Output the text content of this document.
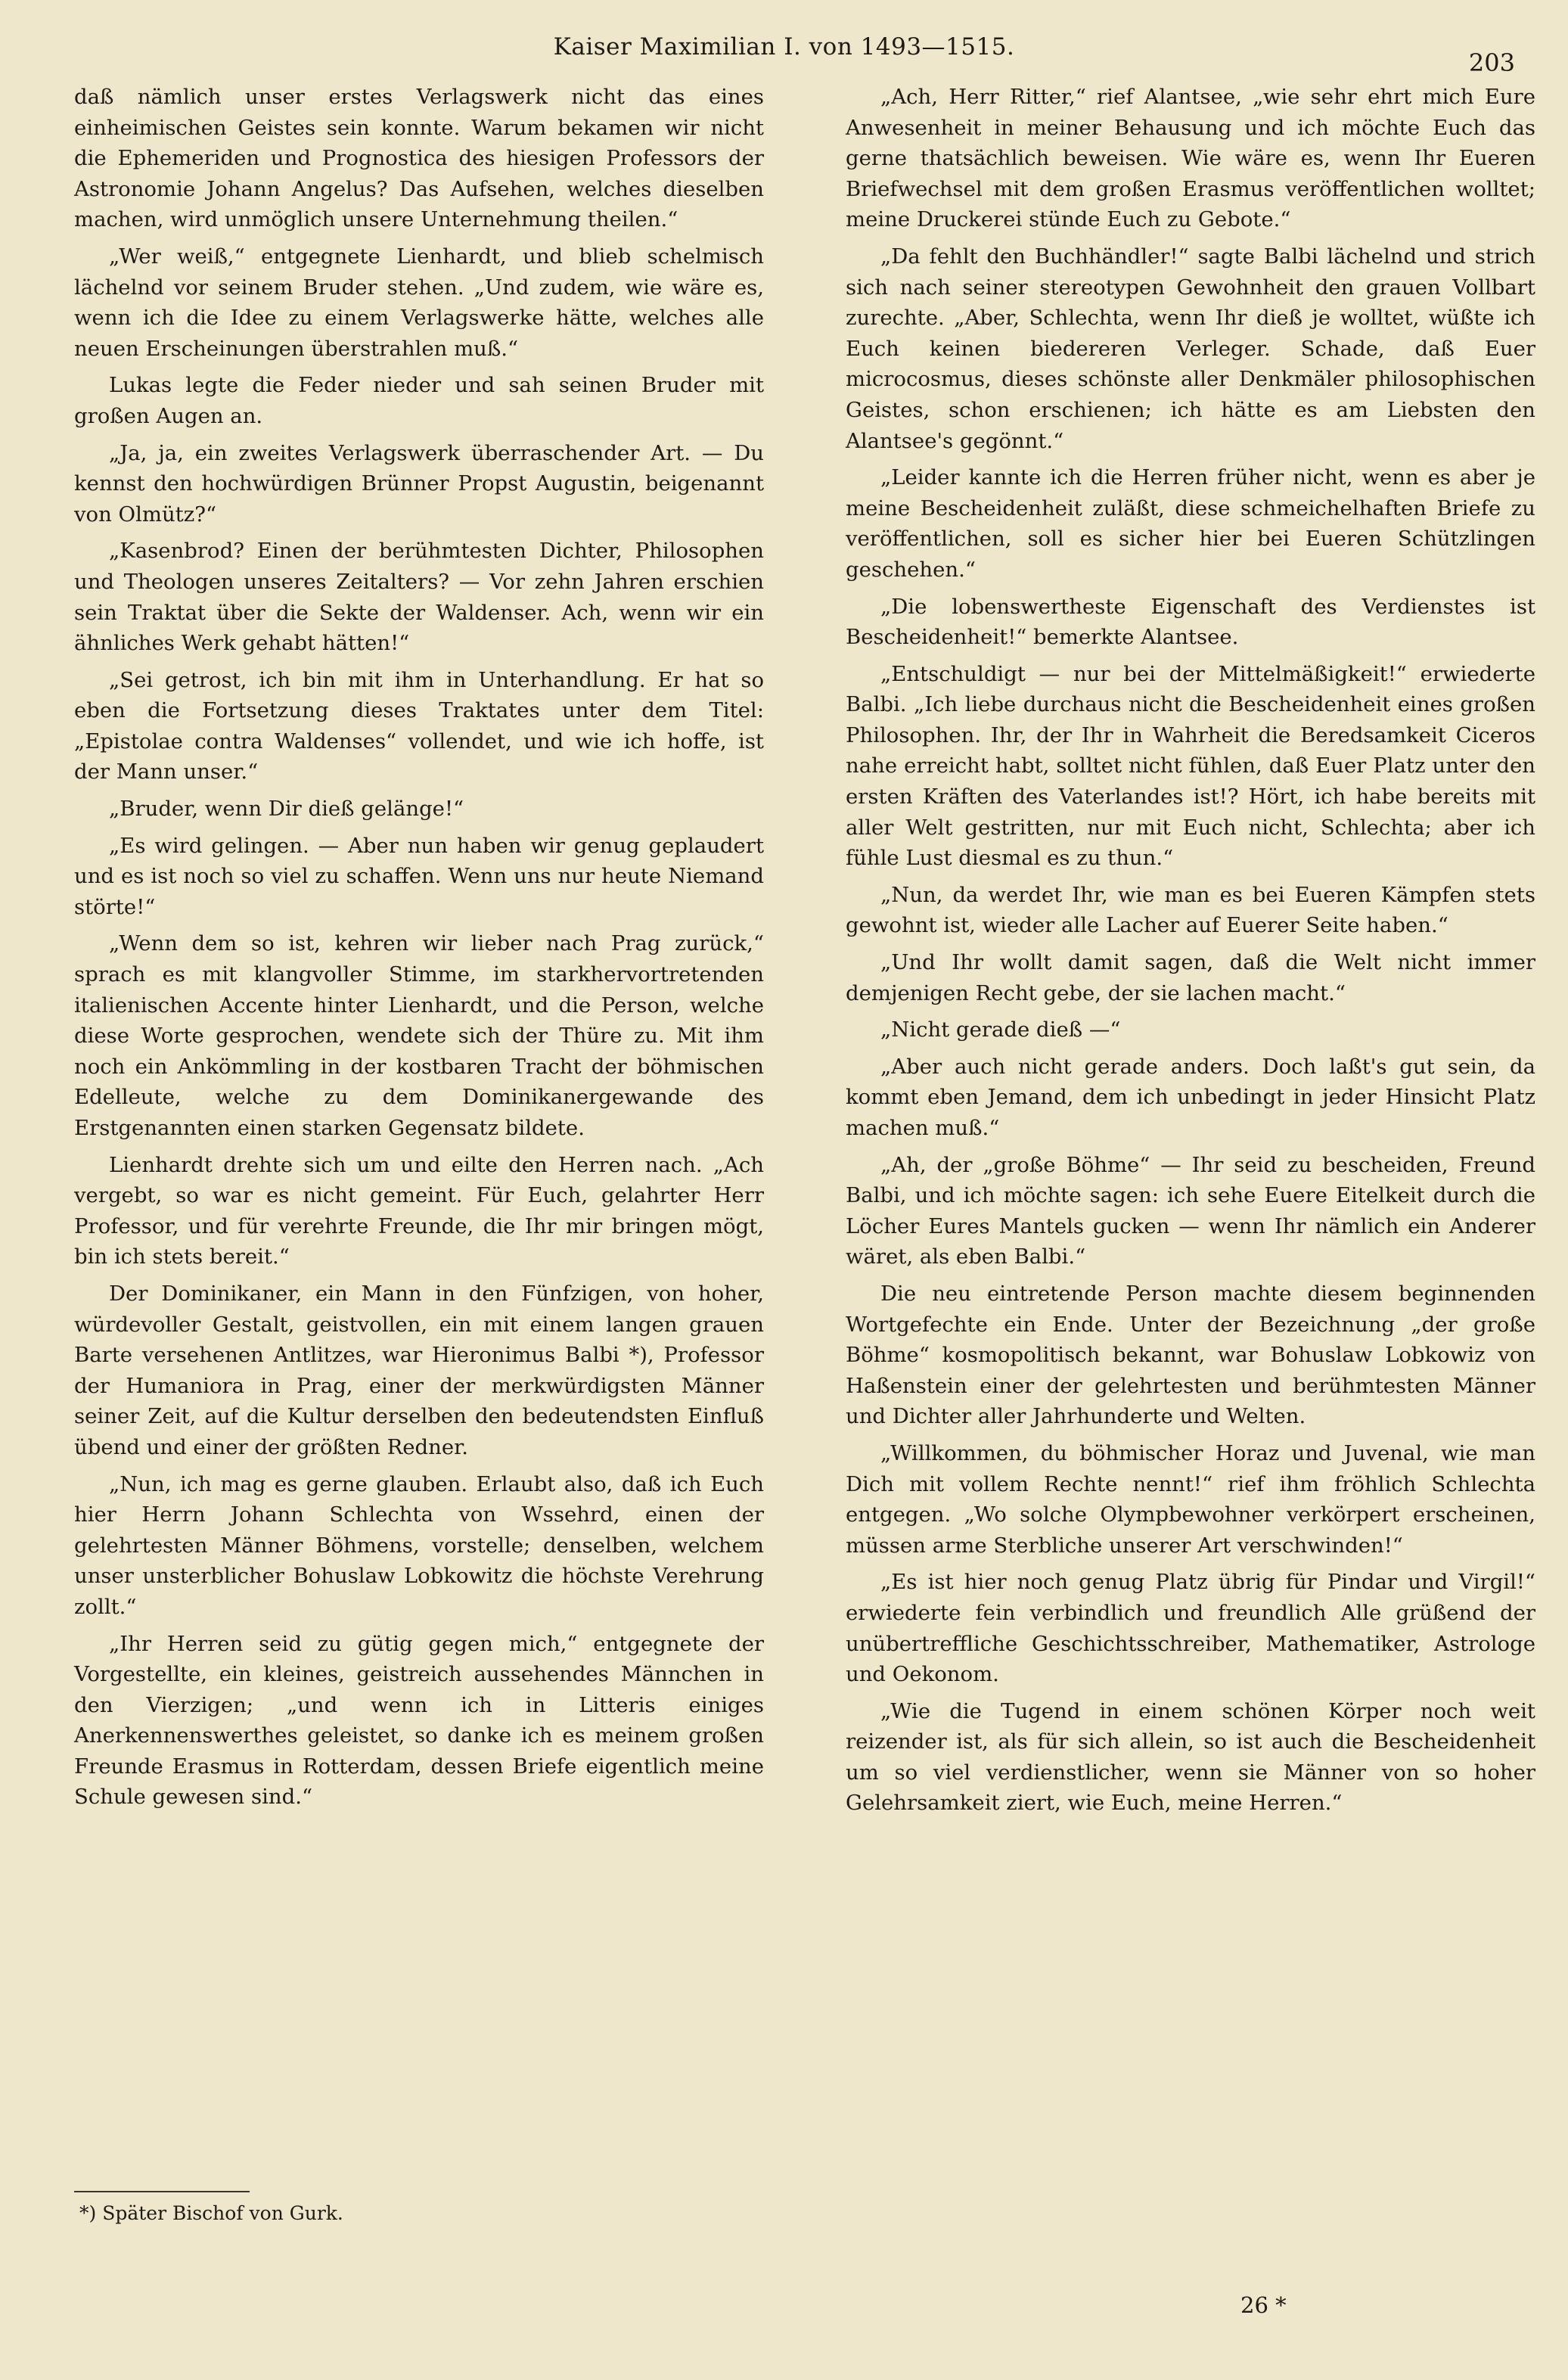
Kaiser Maximilian I. von 1493—1515.
203

daß nämlich unser erstes Verlagswerk nicht das eines einheimischen Geistes sein konnte. Warum bekamen wir nicht die Ephemeriden und Prognostica des hiesigen Professors der Astronomie Johann Angelus? Das Aufsehen, welches dieselben machen, wird unmöglich unsere Unternehmung theilen.“

„Wer weiß,“ entgegnete Lienhardt, und blieb schelmisch lächelnd vor seinem Bruder stehen. „Und zudem, wie wäre es, wenn ich die Idee zu einem Verlagswerke hätte, welches alle neuen Erscheinungen überstrahlen muß.“

Lukas legte die Feder nieder und sah seinen Bruder mit großen Augen an.

„Ja, ja, ein zweites Verlagswerk überraschender Art. — Du kennst den hochwürdigen Brünner Propst Augustin, beigenannt von Olmütz?“

„Kasenbrod? Einen der berühmtesten Dichter, Philosophen und Theologen unseres Zeitalters? — Vor zehn Jahren erschien sein Traktat über die Sekte der Waldenser. Ach, wenn wir ein ähnliches Werk gehabt hätten!“

„Sei getrost, ich bin mit ihm in Unterhandlung. Er hat so eben die Fortsetzung dieses Traktates unter dem Titel: „Epistolae contra Waldenses“ vollendet, und wie ich hoffe, ist der Mann unser.“

„Bruder, wenn Dir dieß gelänge!“

„Es wird gelingen. — Aber nun haben wir genug geplaudert und es ist noch so viel zu schaffen. Wenn uns nur heute Niemand störte!“

„Wenn dem so ist, kehren wir lieber nach Prag zurück,“ sprach es mit klangvoller Stimme, im starkhervortretenden italienischen Accente hinter Lienhardt, und die Person, welche diese Worte gesprochen, wendete sich der Thüre zu. Mit ihm noch ein Ankömmling in der kostbaren Tracht der böhmischen Edelleute, welche zu dem Dominikanergewande des Erstgenannten einen starken Gegensatz bildete.

Lienhardt drehte sich um und eilte den Herren nach. „Ach vergebt, so war es nicht gemeint. Für Euch, gelahrter Herr Professor, und für verehrte Freunde, die Ihr mir bringen mögt, bin ich stets bereit.“

Der Dominikaner, ein Mann in den Fünfzigen, von hoher, würdevoller Gestalt, geistvollen, ein mit einem langen grauen Barte versehenen Antlitzes, war Hieronimus Balbi *), Professor der Humaniora in Prag, einer der merkwürdigsten Männer seiner Zeit, auf die Kultur derselben den bedeutendsten Einfluß übend und einer der größten Redner.

„Nun, ich mag es gerne glauben. Erlaubt also, daß ich Euch hier Herrn Johann Schlechta von Wssehrd, einen der gelehrtesten Männer Böhmens, vorstelle; denselben, welchem unser unsterblicher Bohuslaw Lobkowitz die höchste Verehrung zollt.“

„Ihr Herren seid zu gütig gegen mich,“ entgegnete der Vorgestellte, ein kleines, geistreich aussehendes Männchen in den Vierzigen; „und wenn ich in Litteris einiges Anerkennenswerthes geleistet, so danke ich es meinem großen Freunde Erasmus in Rotterdam, dessen Briefe eigentlich meine Schule gewesen sind.“

„Ach, Herr Ritter,“ rief Alantsee, „wie sehr ehrt mich Eure Anwesenheit in meiner Behausung und ich möchte Euch das gerne thatsächlich beweisen. Wie wäre es, wenn Ihr Eueren Briefwechsel mit dem großen Erasmus veröffentlichen wolltet; meine Druckerei stünde Euch zu Gebote.“

„Da fehlt den Buchhändler!“ sagte Balbi lächelnd und strich sich nach seiner stereotypen Gewohnheit den grauen Vollbart zurechte. „Aber, Schlechta, wenn Ihr dieß je wolltet, wüßte ich Euch keinen biedereren Verleger. Schade, daß Euer microcosmus, dieses schönste aller Denkmäler philosophischen Geistes, schon erschienen; ich hätte es am Liebsten den Alantsee's gegönnt.“

„Leider kannte ich die Herren früher nicht, wenn es aber je meine Bescheidenheit zuläßt, diese schmeichelhaften Briefe zu veröffentlichen, soll es sicher hier bei Eueren Schützlingen geschehen.“

„Die lobenswertheste Eigenschaft des Verdienstes ist Bescheidenheit!“ bemerkte Alantsee.

„Entschuldigt — nur bei der Mittelmäßigkeit!“ erwiederte Balbi. „Ich liebe durchaus nicht die Bescheidenheit eines großen Philosophen. Ihr, der Ihr in Wahrheit die Beredsamkeit Ciceros nahe erreicht habt, solltet nicht fühlen, daß Euer Platz unter den ersten Kräften des Vaterlandes ist!? Hört, ich habe bereits mit aller Welt gestritten, nur mit Euch nicht, Schlechta; aber ich fühle Lust diesmal es zu thun.“

„Nun, da werdet Ihr, wie man es bei Eueren Kämpfen stets gewohnt ist, wieder alle Lacher auf Euerer Seite haben.“

„Und Ihr wollt damit sagen, daß die Welt nicht immer demjenigen Recht gebe, der sie lachen macht.“

„Nicht gerade dieß —“

„Aber auch nicht gerade anders. Doch laßt's gut sein, da kommt eben Jemand, dem ich unbedingt in jeder Hinsicht Platz machen muß.“

„Ah, der „große Böhme“ — Ihr seid zu bescheiden, Freund Balbi, und ich möchte sagen: ich sehe Euere Eitelkeit durch die Löcher Eures Mantels gucken — wenn Ihr nämlich ein Anderer wäret, als eben Balbi.“

Die neu eintretende Person machte diesem beginnenden Wortgefechte ein Ende. Unter der Bezeichnung „der große Böhme“ kosmopolitisch bekannt, war Bohuslaw Lobkowiz von Haßenstein einer der gelehrtesten und berühmtesten Männer und Dichter aller Jahrhunderte und Welten.

„Willkommen, du böhmischer Horaz und Juvenal, wie man Dich mit vollem Rechte nennt!“ rief ihm fröhlich Schlechta entgegen. „Wo solche Olympbewohner verkörpert erscheinen, müssen arme Sterbliche unserer Art verschwinden!“

„Es ist hier noch genug Platz übrig für Pindar und Virgil!“ erwiederte fein verbindlich und freundlich Alle grüßend der unübertreffliche Geschichtsschreiber, Mathematiker, Astrologe und Oekonom.

„Wie die Tugend in einem schönen Körper noch weit reizender ist, als für sich allein, so ist auch die Bescheidenheit um so viel verdienstlicher, wenn sie Männer von so hoher Gelehrsamkeit ziert, wie Euch, meine Herren.“

*) Später Bischof von Gurk.
26 *
